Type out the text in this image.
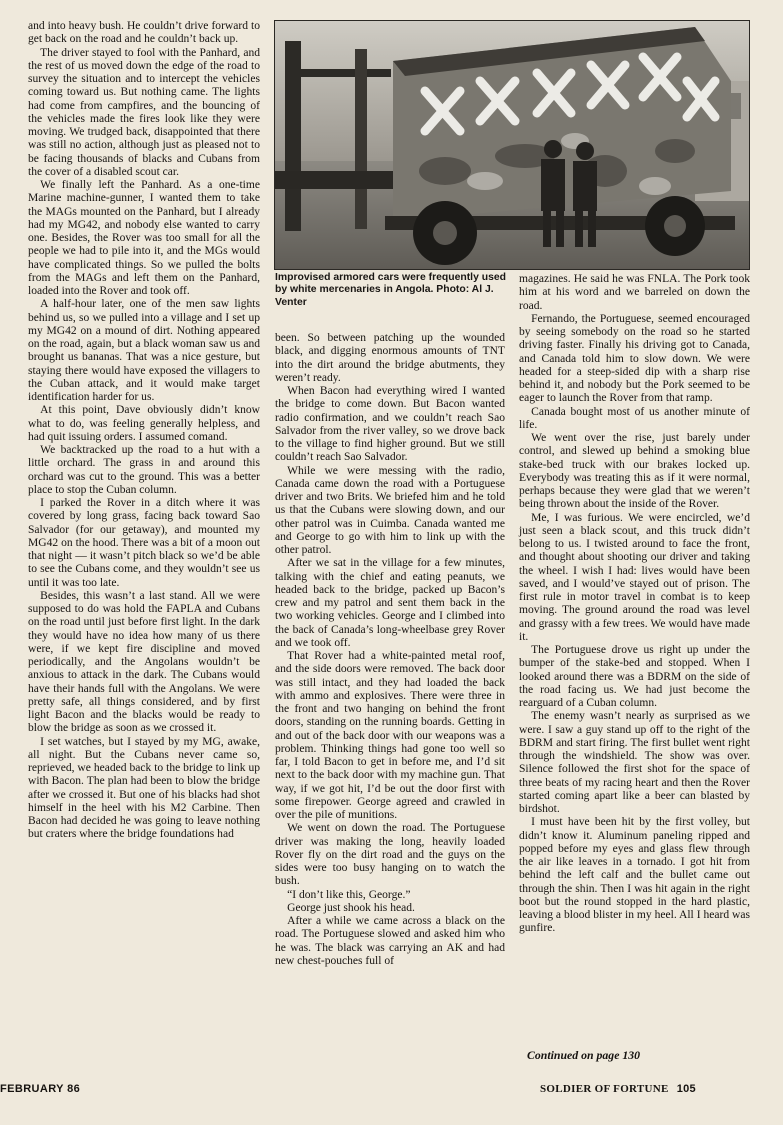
and into heavy bush. He couldn’t drive forward to get back on the road and he couldn’t back up.

The driver stayed to fool with the Panhard, and the rest of us moved down the edge of the road to survey the situation and to intercept the vehicles coming toward us. But nothing came. The lights had come from campfires, and the bouncing of the vehicles made the fires look like they were moving. We trudged back, disappointed that there was still no action, although just as pleased not to be facing thousands of blacks and Cubans from the cover of a disabled scout car.

We finally left the Panhard. As a one-time Marine machine-gunner, I wanted them to take the MAGs mounted on the Panhard, but I already had my MG42, and nobody else wanted to carry one. Besides, the Rover was too small for all the people we had to pile into it, and the MGs would have complicated things. So we pulled the bolts from the MAGs and left them on the Panhard, loaded into the Rover and took off.

A half-hour later, one of the men saw lights behind us, so we pulled into a village and I set up my MG42 on a mound of dirt. Nothing appeared on the road, again, but a black woman saw us and brought us bananas. That was a nice gesture, but staying there would have exposed the villagers to the Cuban attack, and it would make target identification harder for us.

At this point, Dave obviously didn’t know what to do, was feeling generally helpless, and had quit issuing orders. I assumed comand.

We backtracked up the road to a hut with a little orchard. The grass in and around this orchard was cut to the ground. This was a better place to stop the Cuban column.

I parked the Rover in a ditch where it was covered by long grass, facing back toward Sao Salvador (for our getaway), and mounted my MG42 on the hood. There was a bit of a moon out that night — it wasn’t pitch black so we’d be able to see the Cubans come, and they wouldn’t see us until it was too late.

Besides, this wasn’t a last stand. All we were supposed to do was hold the FAPLA and Cubans on the road until just before first light. In the dark they would have no idea how many of us there were, if we kept fire discipline and moved periodically, and the Angolans wouldn’t be anxious to attack in the dark. The Cubans would have their hands full with the Angolans. We were pretty safe, all things considered, and by first light Bacon and the blacks would be ready to blow the bridge as soon as we crossed it.

I set watches, but I stayed by my MG, awake, all night. But the Cubans never came so, reprieved, we headed back to the bridge to link up with Bacon. The plan had been to blow the bridge after we crossed it. But one of his blacks had shot himself in the heel with his M2 Carbine. Then Bacon had decided he was going to leave nothing but craters where the bridge foundations had

Improvised armored cars were frequently used by white mercenaries in Angola. Photo: Al J. Venter

been. So between patching up the wounded black, and digging enormous amounts of TNT into the dirt around the bridge abutments, they weren’t ready.

When Bacon had everything wired I wanted the bridge to come down. But Bacon wanted radio confirmation, and we couldn’t reach Sao Salvador from the river valley, so we drove back to the village to find higher ground. But we still couldn’t reach Sao Salvador.

While we were messing with the radio, Canada came down the road with a Portuguese driver and two Brits. We briefed him and he told us that the Cubans were slowing down, and our other patrol was in Cuimba. Canada wanted me and George to go with him to link up with the other patrol.

After we sat in the village for a few minutes, talking with the chief and eating peanuts, we headed back to the bridge, packed up Bacon’s crew and my patrol and sent them back in the two working vehicles. George and I climbed into the back of Canada’s long-wheelbase grey Rover and we took off.

That Rover had a white-painted metal roof, and the side doors were removed. The back door was still intact, and they had loaded the back with ammo and explosives. There were three in the front and two hanging on behind the front doors, standing on the running boards. Getting in and out of the back door with our weapons was a problem. Thinking things had gone too well so far, I told Bacon to get in before me, and I’d sit next to the back door with my machine gun. That way, if we got hit, I’d be out the door first with some firepower. George agreed and crawled in over the pile of munitions.

We went on down the road. The Portuguese driver was making the long, heavily loaded Rover fly on the dirt road and the guys on the sides were too busy hanging on to watch the bush.

“I don’t like this, George.”

George just shook his head.

After a while we came across a black on the road. The Portuguese slowed and asked him who he was. The black was carrying an AK and had new chest-pouches full of

magazines. He said he was FNLA. The Pork took him at his word and we barreled on down the road.

Fernando, the Portuguese, seemed encouraged by seeing somebody on the road so he started driving faster. Finally his driving got to Canada, and Canada told him to slow down. We were headed for a steep-sided dip with a sharp rise behind it, and nobody but the Pork seemed to be eager to launch the Rover from that ramp.

Canada bought most of us another minute of life.

We went over the rise, just barely under control, and slewed up behind a smoking blue stake-bed truck with our brakes locked up. Everybody was treating this as if it were normal, perhaps because they were glad that we weren’t being thrown about the inside of the Rover.

Me, I was furious. We were encircled, we’d just seen a black scout, and this truck didn’t belong to us. I twisted around to face the front, and thought about shooting our driver and taking the wheel. I wish I had: lives would have been saved, and I would’ve stayed out of prison. The first rule in motor travel in combat is to keep moving. The ground around the road was level and grassy with a few trees. We would have made it.

The Portuguese drove us right up under the bumper of the stake-bed and stopped. When I looked around there was a BDRM on the side of the road facing us. We had just become the rearguard of a Cuban column.

The enemy wasn’t nearly as surprised as we were. I saw a guy stand up off to the right of the BDRM and start firing. The first bullet went right through the windshield. The show was over. Silence followed the first shot for the space of three beats of my racing heart and then the Rover started coming apart like a beer can blasted by birdshot.

I must have been hit by the first volley, but didn’t know it. Aluminum paneling ripped and popped before my eyes and glass flew through the air like leaves in a tornado. I got hit from behind the left calf and the bullet came out through the shin. Then I was hit again in the right boot but the round stopped in the hard plastic, leaving a blood blister in my heel. All I heard was gunfire.

Continued on page 130
FEBRUARY 86	SOLDIER OF FORTUNE 105
